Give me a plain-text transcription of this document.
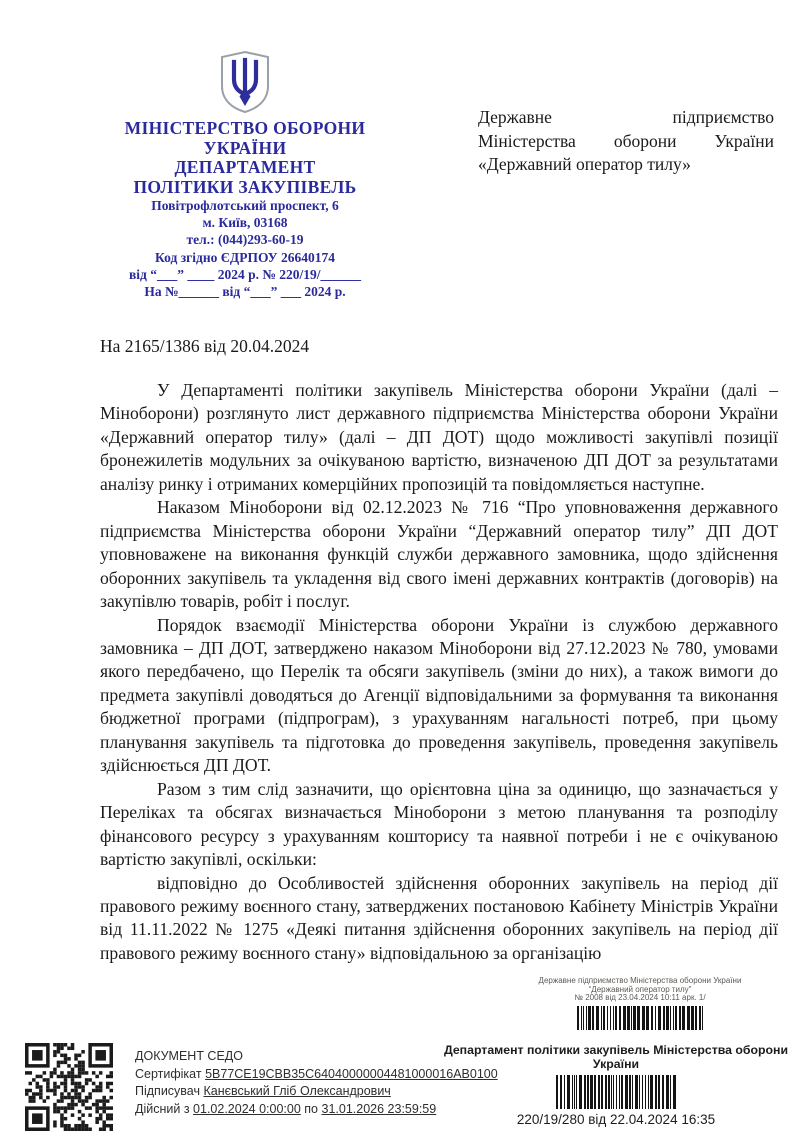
МІНІСТЕРСТВО ОБОРОНИ
УКРАЇНИ
ДЕПАРТАМЕНТ
ПОЛІТИКИ ЗАКУПІВЕЛЬ
Повітрофлотський проспект, 6
м. Київ, 03168
тел.: (044)293-60-19
Код згідно ЄДРПОУ 26640174
від “___” ____ 2024 р. № 220/19/______
На №______ від “___” ___ 2024 р.
Державне підприємство
Міністерства оборони України
«Державний оператор тилу»
На 2165/1386 від 20.04.2024

У Департаменті політики закупівель Міністерства оборони України (далі – Міноборони) розглянуто лист державного підприємства Міністерства оборони України «Державний оператор тилу» (далі – ДП ДОТ) щодо можливості закупівлі позиції бронежилетів модульних за очікуваною вартістю, визначеною ДП ДОТ за результатами аналізу ринку і отриманих комерційних пропозицій та повідомляється наступне.

Наказом Міноборони від 02.12.2023 № 716 “Про уповноваження державного підприємства Міністерства оборони України “Державний оператор тилу” ДП ДОТ уповноважене на виконання функцій служби державного замовника, щодо здійснення оборонних закупівель та укладення від свого імені державних контрактів (договорів) на закупівлю товарів, робіт і послуг.

Порядок взаємодії Міністерства оборони України із службою державного замовника – ДП ДОТ, затверджено наказом Міноборони від 27.12.2023 № 780, умовами якого передбачено, що Перелік та обсяги закупівель (зміни до них), а також вимоги до предмета закупівлі доводяться до Агенції відповідальними за формування та виконання бюджетної програми (підпрограм), з урахуванням нагальності потреб, при цьому планування закупівель та підготовка до проведення закупівель, проведення закупівель здійснюється ДП ДОТ.

Разом з тим слід зазначити, що орієнтовна ціна за одиницю, що зазначається у Переліках та обсягах визначається Міноборони з метою планування та розподілу фінансового ресурсу з урахуванням кошторису та наявної потреби і не є очікуваною вартістю закупівлі, оскільки:

відповідно до Особливостей здійснення оборонних закупівель на період дії правового режиму воєнного стану, затверджених постановою Кабінету Міністрів України від 11.11.2022 № 1275 «Деякі питання здійснення оборонних закупівель на період дії правового режиму воєнного стану» відповідальною за організацію

Державне підприємство Міністерства оборони України
“Державний оператор тилу”
№ 2008 від 23.04.2024 10:11 арк. 1/
ДОКУМЕНТ СЕДО
Сертифікат 5B77CE19CBB35C64040000004481000016AB0100
Підписувач Канєвський Гліб Олександрович
Дійсний з 01.02.2024 0:00:00 по 31.01.2026 23:59:59
Департамент політики закупівель Міністерства оборони України
220/19/280 від 22.04.2024 16:35
